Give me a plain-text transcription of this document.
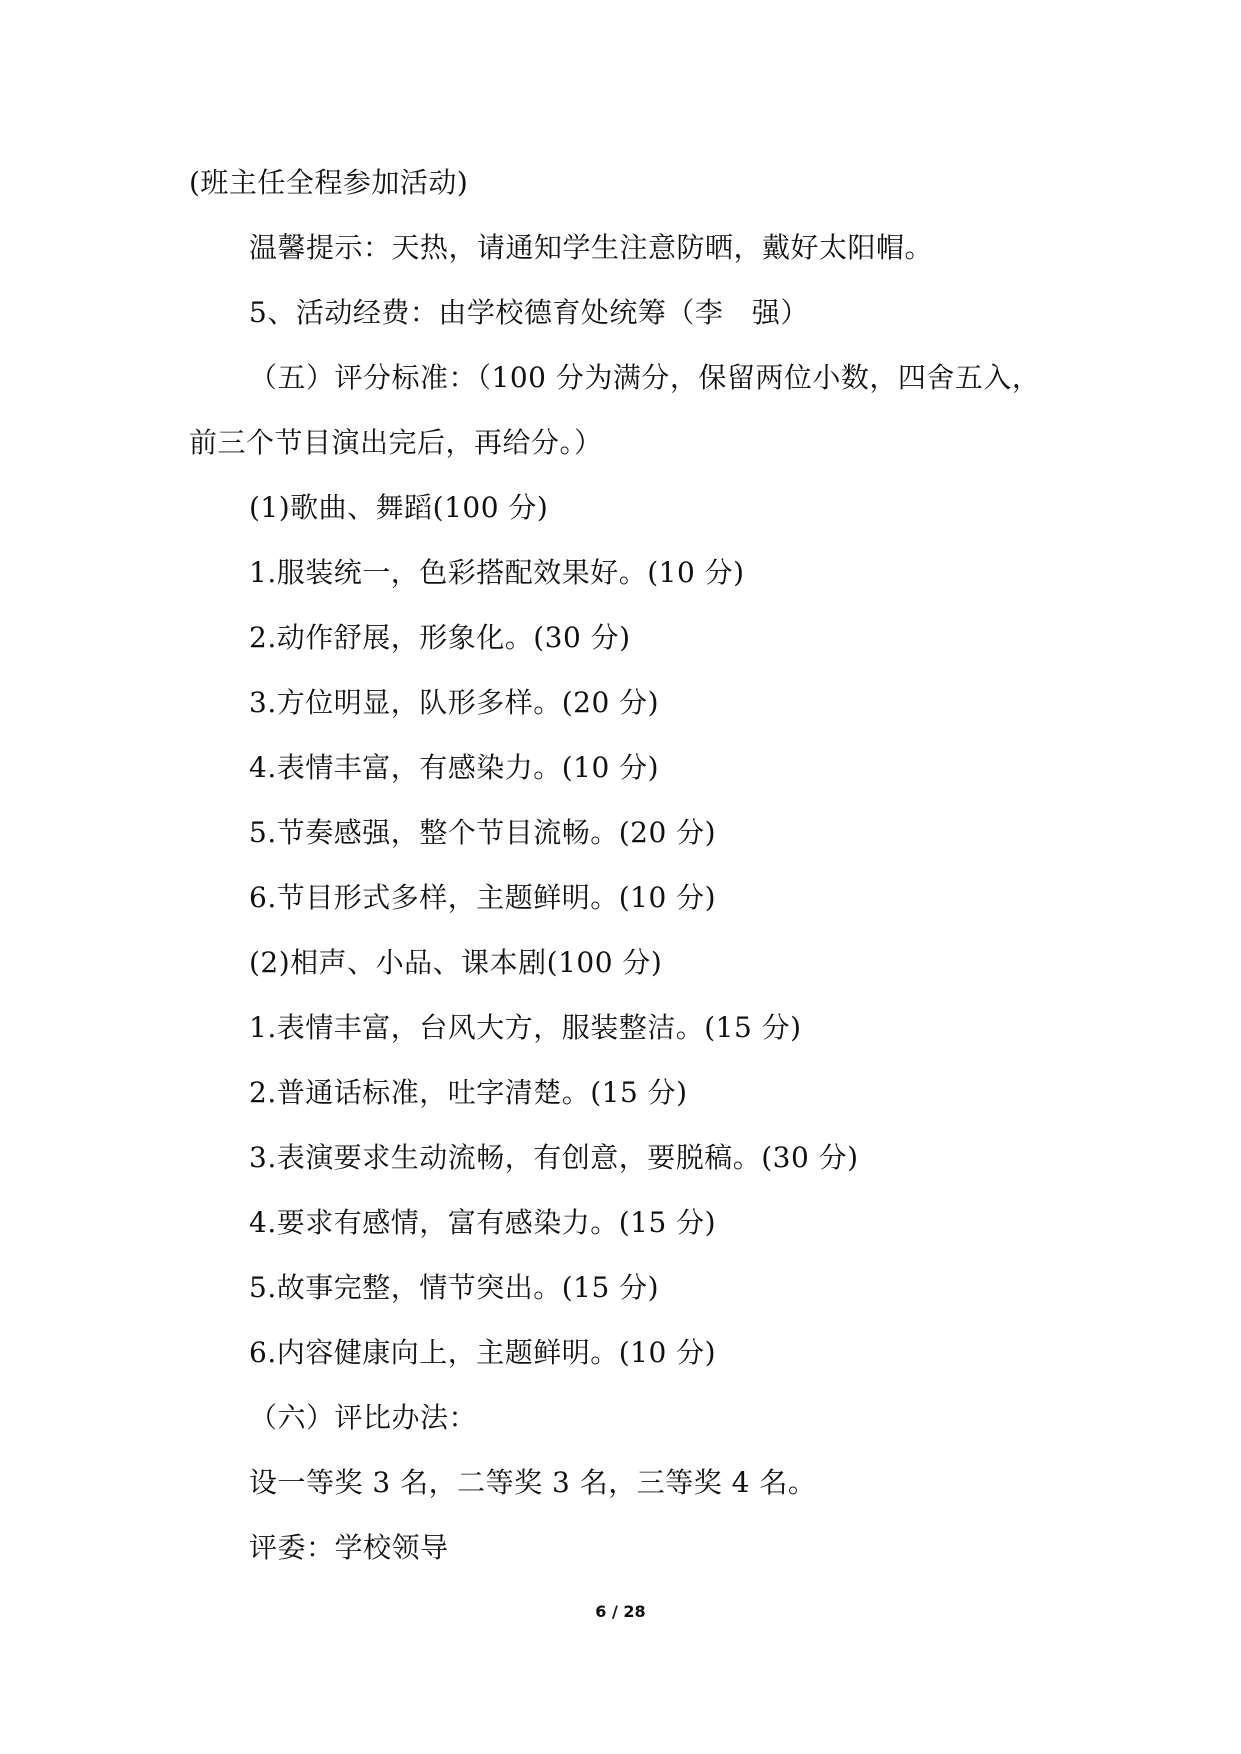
(班主任全程参加活动)
温馨提示：天热，请通知学生注意防晒，戴好太阳帽。
5、活动经费：由学校德育处统筹（李　强）
（五）评分标准：（100 分为满分，保留两位小数，四舍五入，
前三个节目演出完后，再给分。）
(1)歌曲、舞蹈(100 分)
1.服装统一，色彩搭配效果好。(10 分)
2.动作舒展，形象化。(30 分)
3.方位明显，队形多样。(20 分)
4.表情丰富，有感染力。(10 分)
5.节奏感强，整个节目流畅。(20 分)
6.节目形式多样，主题鲜明。(10 分)
(2)相声、小品、课本剧(100 分)
1.表情丰富，台风大方，服装整洁。(15 分)
2.普通话标准，吐字清楚。(15 分)
3.表演要求生动流畅，有创意，要脱稿。(30 分)
4.要求有感情，富有感染力。(15 分)
5.故事完整，情节突出。(15 分)
6.内容健康向上，主题鲜明。(10 分)
（六）评比办法：
设一等奖 3 名，二等奖 3 名，三等奖 4 名。
评委：学校领导
6 / 28
